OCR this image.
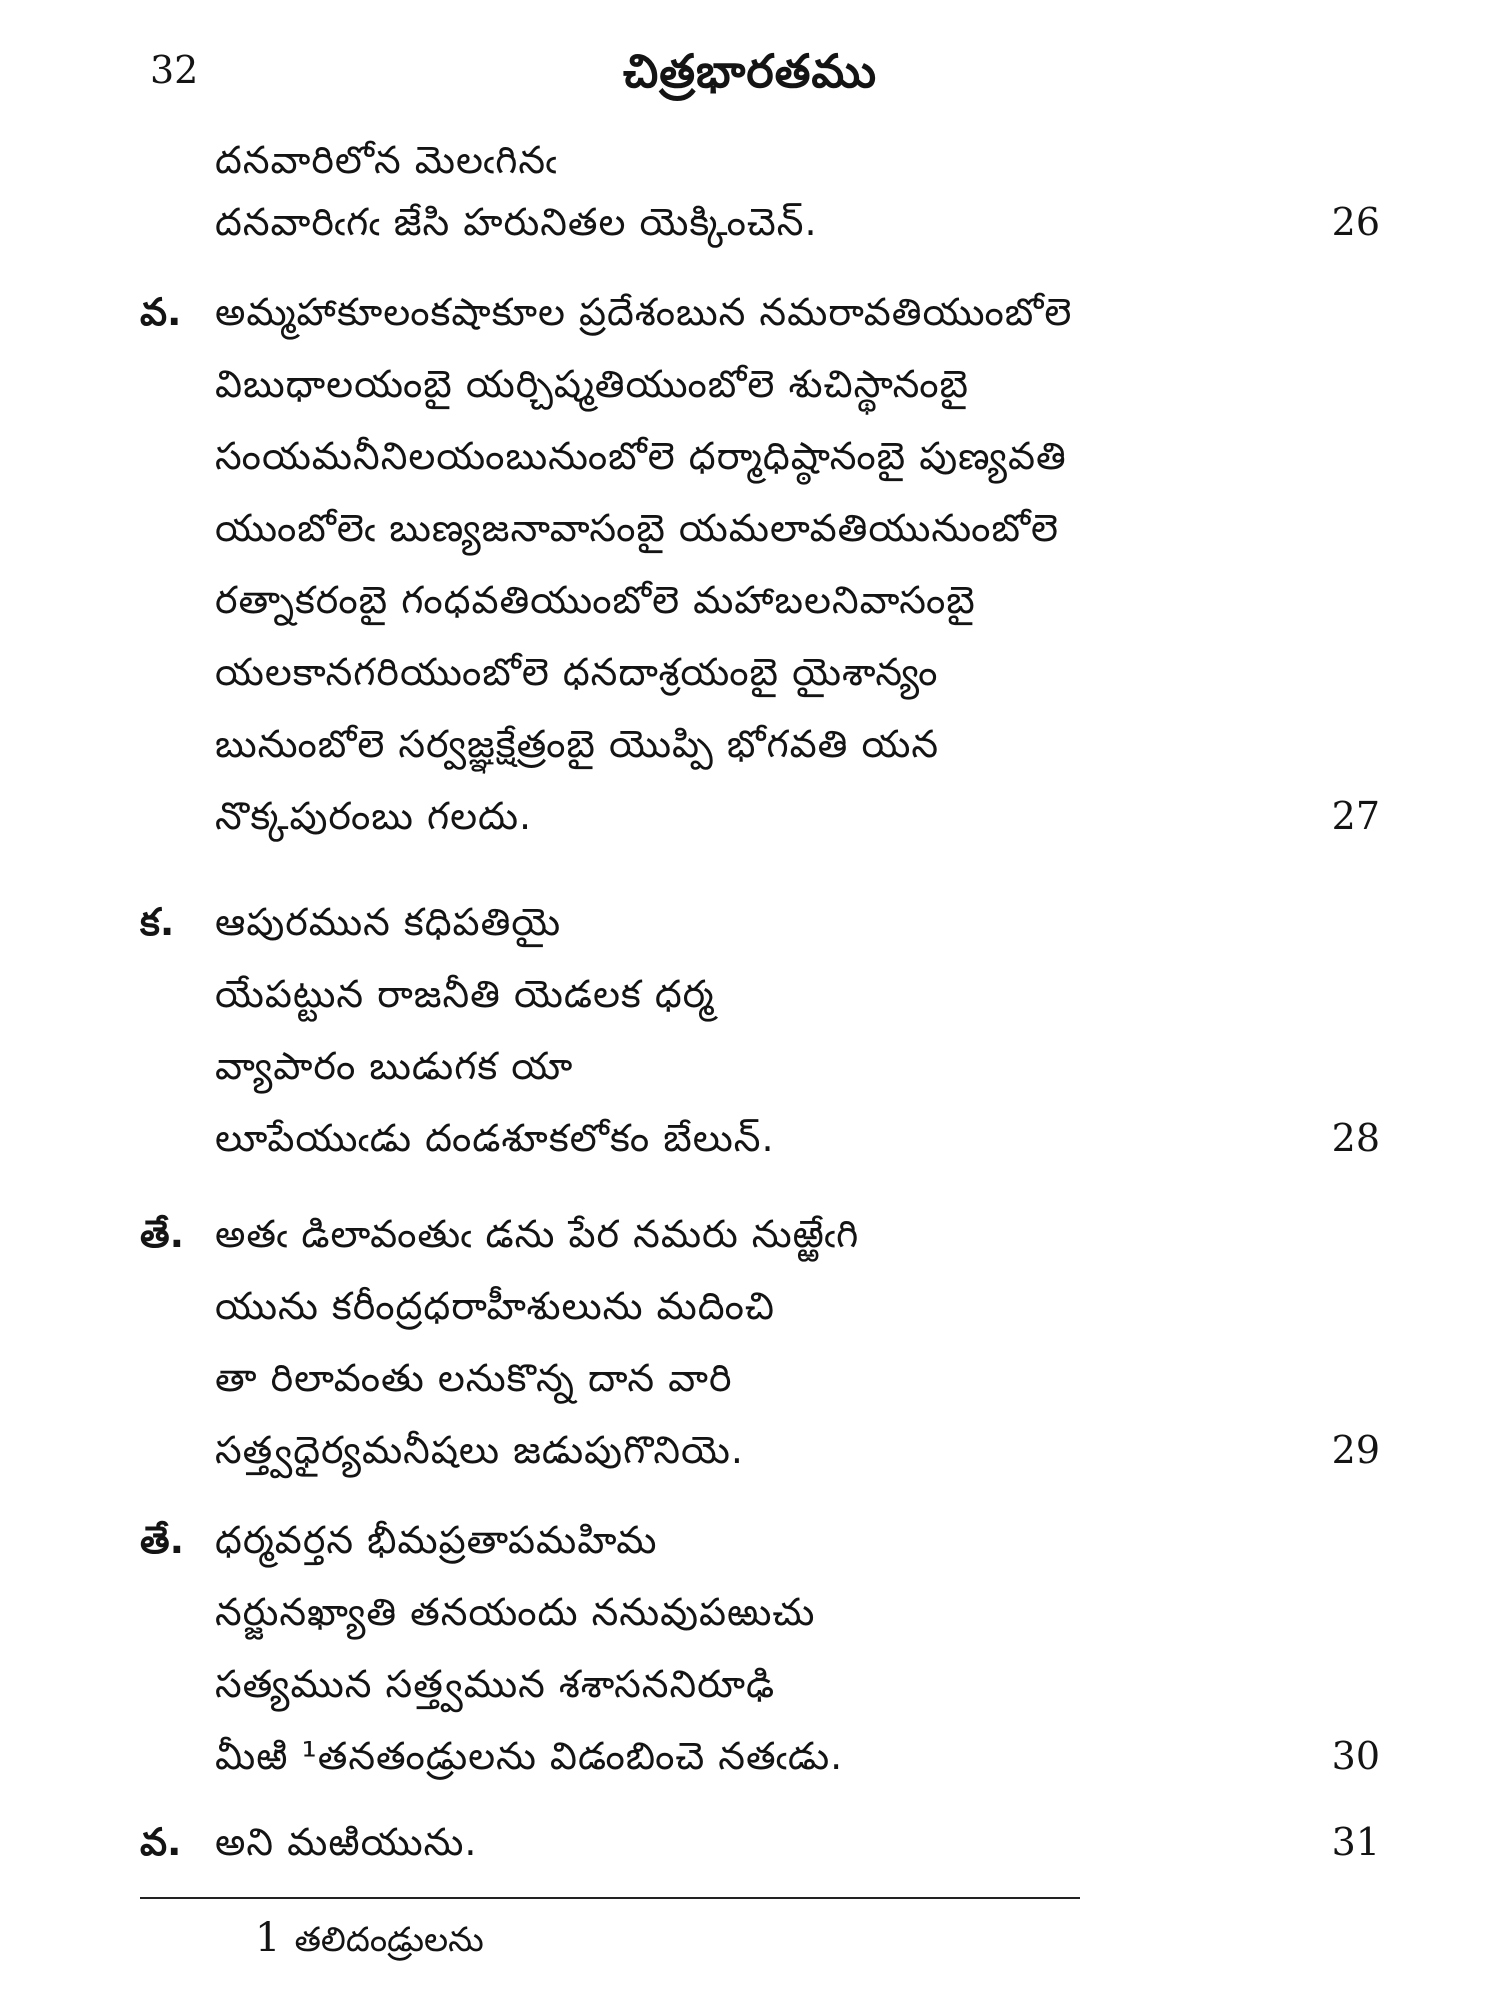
32	చిత్రభారతము
దనవారిలోన మెలఁగినఁ
దనవారిఁగఁ జేసి హరునితల యెక్కించెన్.	26
వ. అమ్మహాకూలంకషాకూల ప్రదేశంబున నమరావతియుంబోలె
విబుధాలయంబై యర్చిష్మతియుంబోలె శుచిస్థానంబై
సంయమనీనిలయంబునుంబోలె ధర్మాధిష్ఠానంబై పుణ్యవతి
యుంబోలెఁ బుణ్యజనావాసంబై యమలావతియునుంబోలె
రత్నాకరంబై గంధవతియుంబోలె మహాబలనివాసంబై
యలకానగరియుంబోలె ధనదాశ్రయంబై యైశాన్యం
బునుంబోలె సర్వజ్ఞక్షేత్రంబై యొప్పి భోగవతి యన
నొక్కపురంబు గలదు.	27
క. ఆపురమున కధిపతియై
యేపట్టున రాజనీతి యెడలక ధర్మ
వ్యాపారం బుడుగక యా
లూపేయుఁడు దండశూకలోకం బేలున్.	28
తే. అతఁ డిలావంతుఁ డను పేర నమరు నుఱ్ఱేఁగి
యును కరీంద్రధరాహీశులును మదించి
తా రిలావంతు లనుకొన్న దాన వారి
సత్త్వధైర్యమనీషలు జడుపుగొనియె.	29
తే. ధర్మవర్తన భీమప్రతాపమహిమ
నర్జునఖ్యాతి తనయందు ననువుపఱుచు
సత్యమున సత్త్వమున శశాసననిరూఢి
మీఱి ¹తనతండ్రులను విడంబించె నతఁడు.	30
వ. అని మఱియును.	31
1 తలిదండ్రులను
